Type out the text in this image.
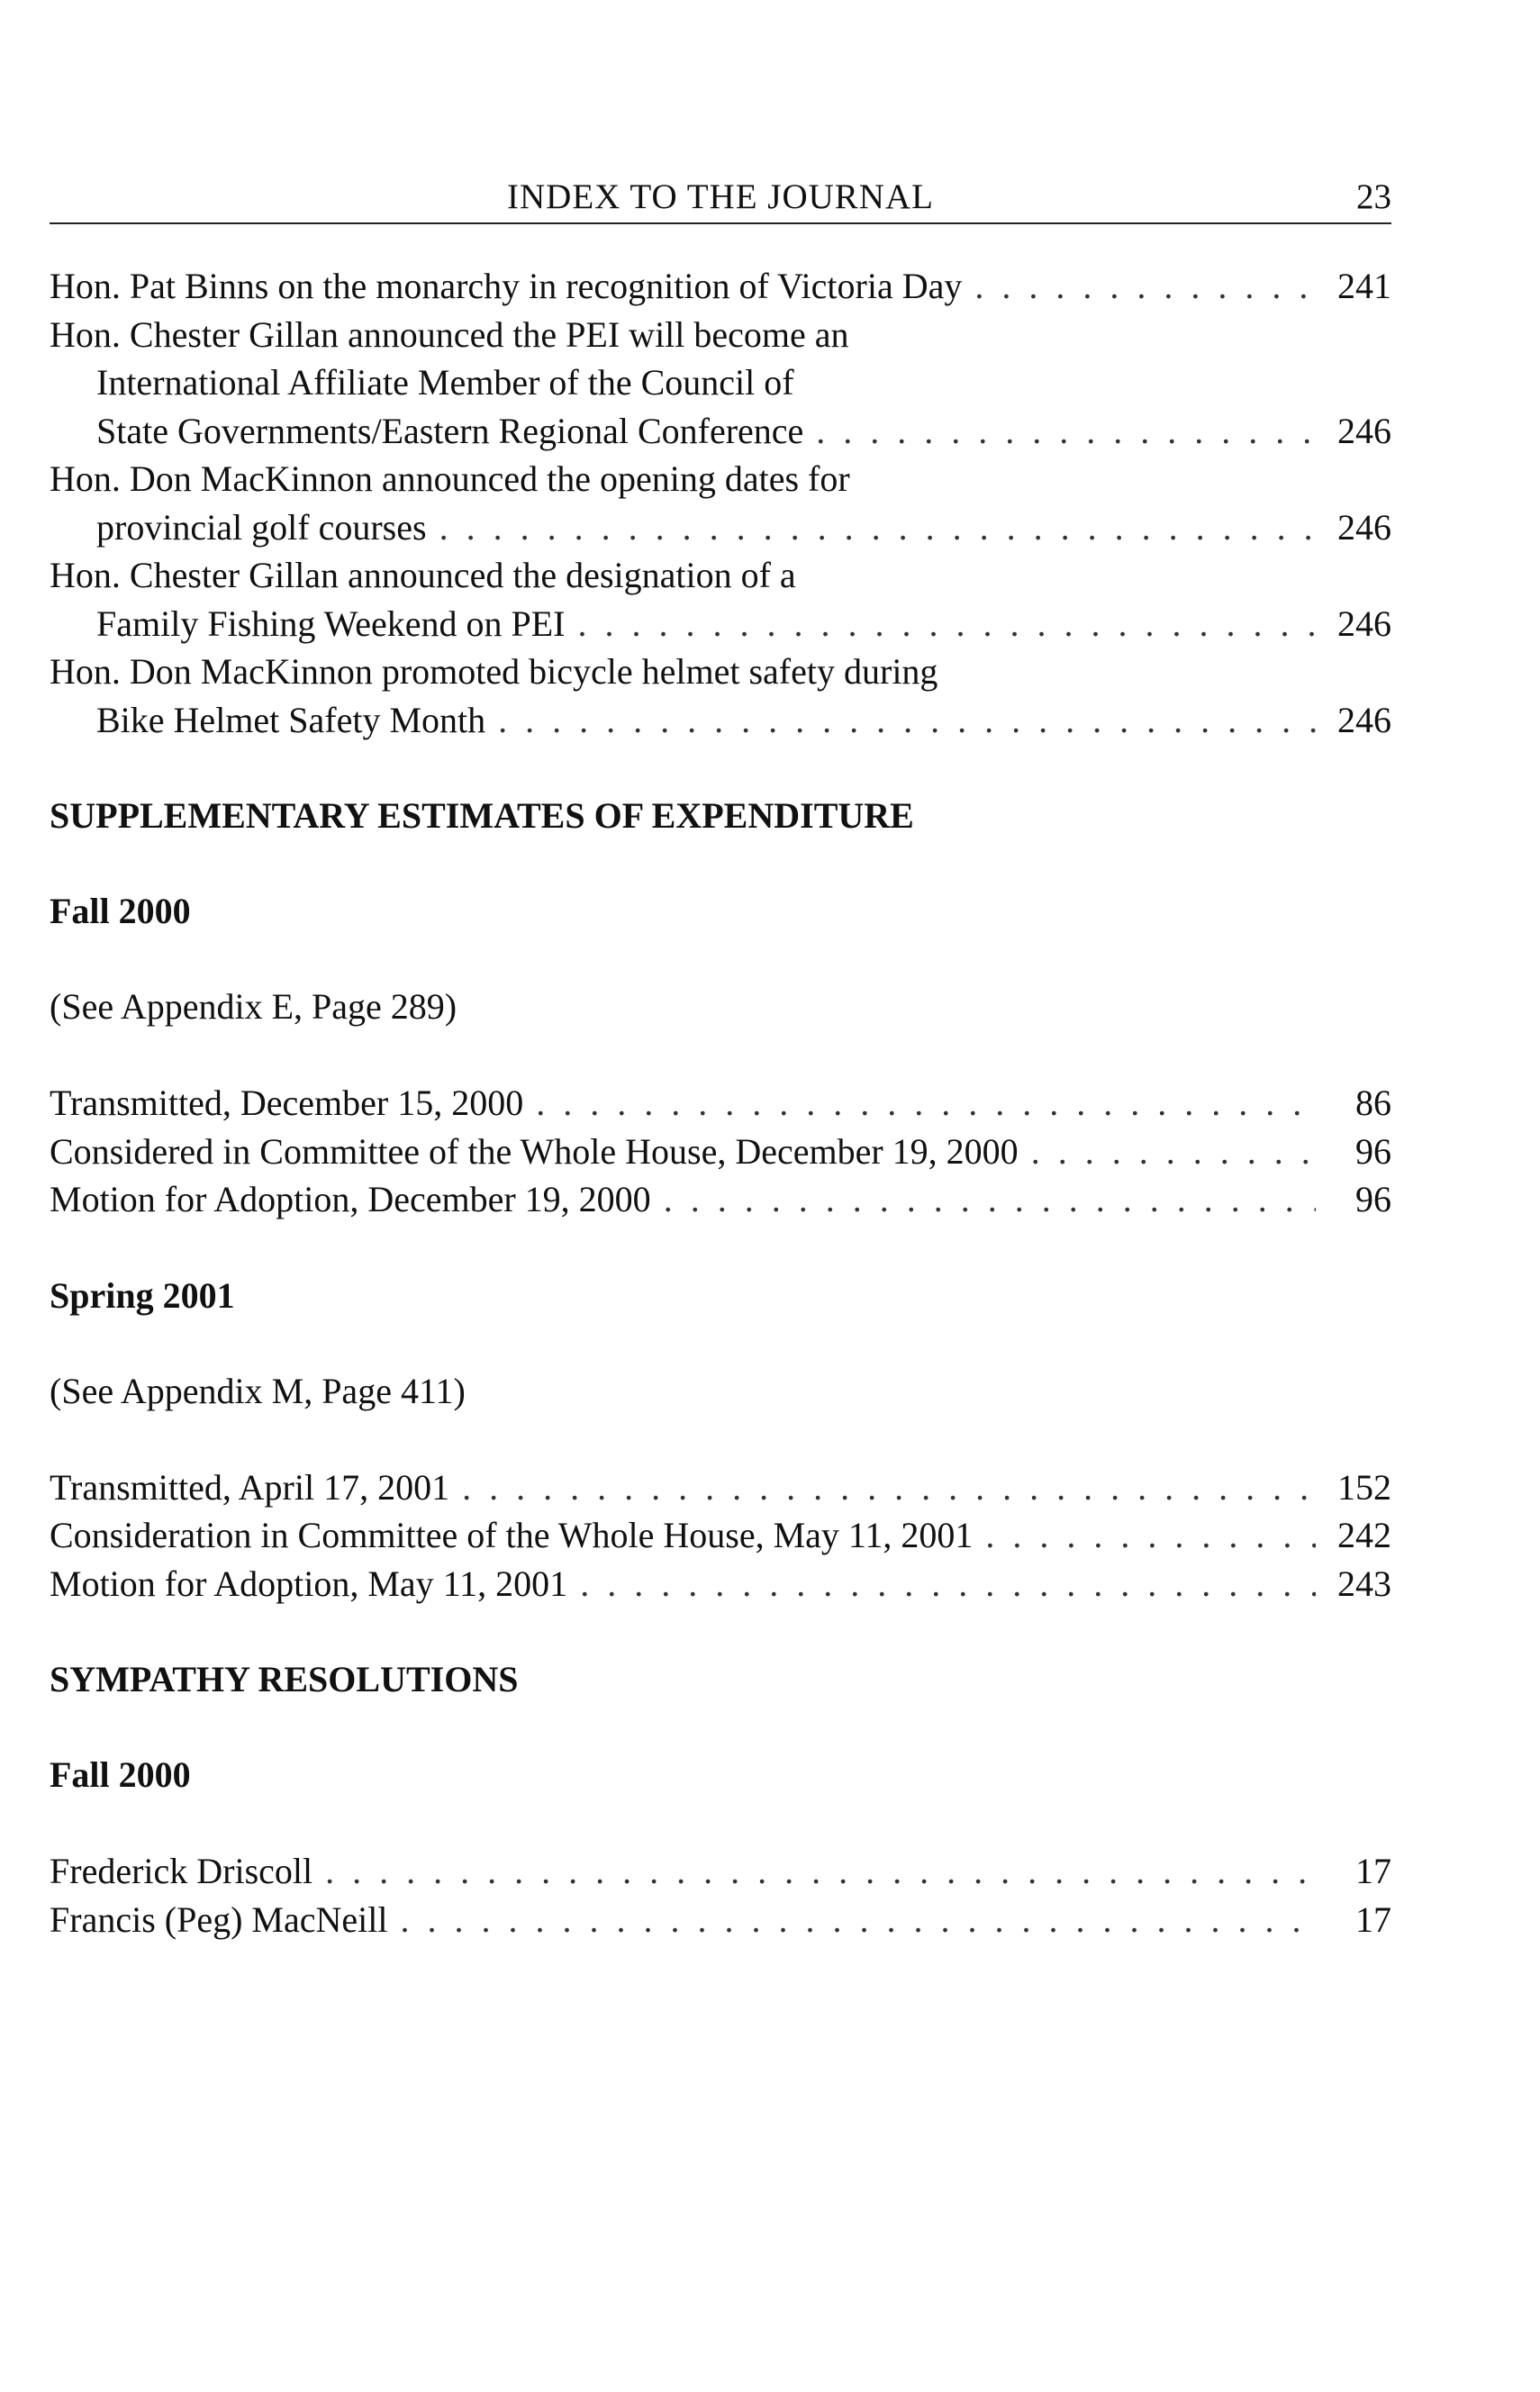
INDEX TO THE JOURNAL	23
Hon. Pat Binns on the monarchy in recognition of Victoria Day . . .	241
Hon. Chester Gillan announced the PEI will become an
International Affiliate Member of the Council of
State Governments/Eastern Regional Conference . . .	246
Hon. Don MacKinnon announced the opening dates for
provincial golf courses . . .	246
Hon. Chester Gillan announced the designation of a
Family Fishing Weekend on PEI . . .	246
Hon. Don MacKinnon promoted bicycle helmet safety during
Bike Helmet Safety Month . . .	246
SUPPLEMENTARY ESTIMATES OF EXPENDITURE
Fall 2000
(See Appendix E, Page 289)
Transmitted, December 15, 2000 . . .	86
Considered in Committee of the Whole House, December 19, 2000 . . .	96
Motion for Adoption, December 19, 2000 . . .	96
Spring 2001
(See Appendix M, Page 411)
Transmitted, April 17, 2001 . . .	152
Consideration in Committee of the Whole House, May 11, 2001 . . .	242
Motion for Adoption, May 11, 2001 . . .	243
SYMPATHY RESOLUTIONS
Fall 2000
Frederick Driscoll . . .	17
Francis (Peg) MacNeill . . .	17
